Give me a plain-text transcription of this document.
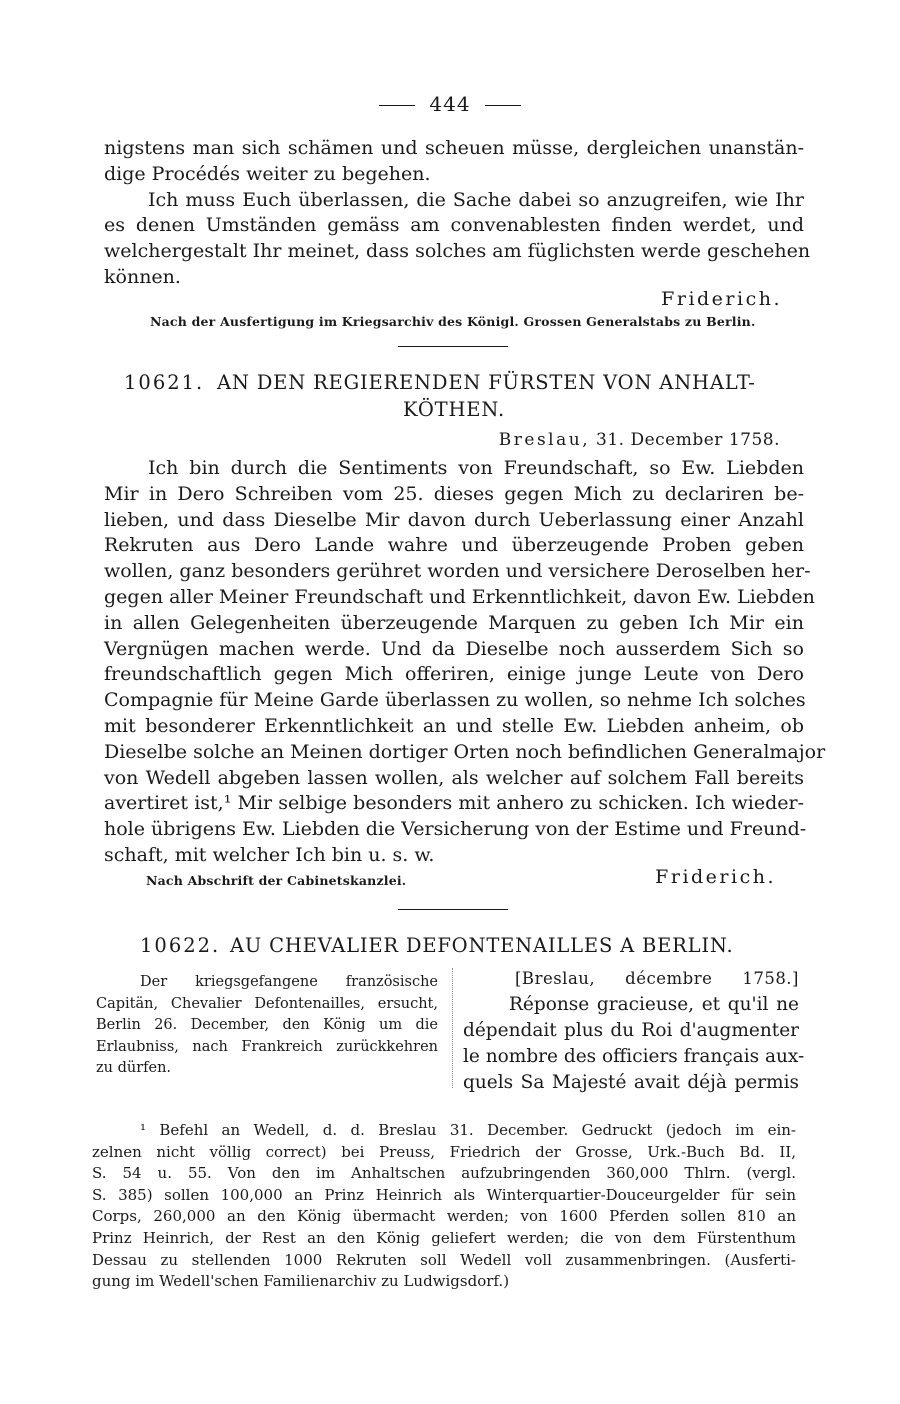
444
nigstens man sich schämen und scheuen müsse, dergleichen unanstän-
dige Procédés weiter zu begehen.
Ich muss Euch überlassen, die Sache dabei so anzugreifen, wie Ihr
es denen Umständen gemäss am convenablesten finden werdet, und
welchergestalt Ihr meinet, dass solches am füglichsten werde geschehen
können.
Friderich.
Nach der Ausfertigung im Kriegsarchiv des Königl. Grossen Generalstabs zu Berlin.
10621. AN DEN REGIERENDEN FÜRSTEN VON ANHALT-
KÖTHEN.
Breslau, 31. December 1758.
Ich bin durch die Sentiments von Freundschaft, so Ew. Liebden
Mir in Dero Schreiben vom 25. dieses gegen Mich zu declariren be-
lieben, und dass Dieselbe Mir davon durch Ueberlassung einer Anzahl
Rekruten aus Dero Lande wahre und überzeugende Proben geben
wollen, ganz besonders gerühret worden und versichere Deroselben her-
gegen aller Meiner Freundschaft und Erkenntlichkeit, davon Ew. Liebden
in allen Gelegenheiten überzeugende Marquen zu geben Ich Mir ein
Vergnügen machen werde. Und da Dieselbe noch ausserdem Sich so
freundschaftlich gegen Mich offeriren, einige junge Leute von Dero
Compagnie für Meine Garde überlassen zu wollen, so nehme Ich solches
mit besonderer Erkenntlichkeit an und stelle Ew. Liebden anheim, ob
Dieselbe solche an Meinen dortiger Orten noch befindlichen Generalmajor
von Wedell abgeben lassen wollen, als welcher auf solchem Fall bereits
avertiret ist,¹ Mir selbige besonders mit anhero zu schicken. Ich wieder-
hole übrigens Ew. Liebden die Versicherung von der Estime und Freund-
schaft, mit welcher Ich bin u. s. w.
Nach Abschrift der Cabinetskanzlei.	Friderich.
10622. AU CHEVALIER DEFONTENAILLES A BERLIN.
Der kriegsgefangene französische
Capitän, Chevalier Defontenailles, ersucht,
Berlin 26. December, den König um die
Erlaubniss, nach Frankreich zurückkehren
zu dürfen.
[Breslau, décembre 1758.]
Réponse gracieuse, et qu'il ne
dépendait plus du Roi d'augmenter
le nombre des officiers français aux-
quels Sa Majesté avait déjà permis
¹ Befehl an Wedell, d. d. Breslau 31. December. Gedruckt (jedoch im ein-
zelnen nicht völlig correct) bei Preuss, Friedrich der Grosse, Urk.-Buch Bd. II,
S. 54 u. 55. Von den im Anhaltschen aufzubringenden 360,000 Thlrn. (vergl.
S. 385) sollen 100,000 an Prinz Heinrich als Winterquartier-Douceurgelder für sein
Corps, 260,000 an den König übermacht werden; von 1600 Pferden sollen 810 an
Prinz Heinrich, der Rest an den König geliefert werden; die von dem Fürstenthum
Dessau zu stellenden 1000 Rekruten soll Wedell voll zusammenbringen. (Ausferti-
gung im Wedell'schen Familienarchiv zu Ludwigsdorf.)
